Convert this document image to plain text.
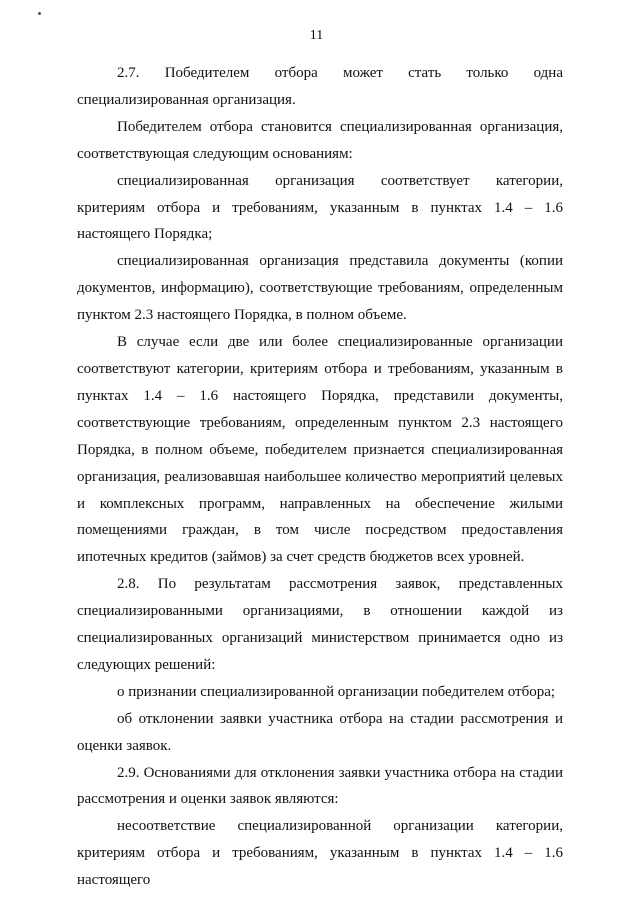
11

2.7. Победителем отбора может стать только одна специализированная организация.

Победителем отбора становится специализированная организация, соответствующая следующим основаниям:

специализированная организация соответствует категории, критериям отбора и требованиям, указанным в пунктах 1.4 – 1.6 настоящего Порядка;

специализированная организация представила документы (копии документов, информацию), соответствующие требованиям, определенным пунктом 2.3 настоящего Порядка, в полном объеме.

В случае если две или более специализированные организации соответствуют категории, критериям отбора и требованиям, указанным в пунктах 1.4 – 1.6 настоящего Порядка, представили документы, соответствующие требованиям, определенным пунктом 2.3 настоящего Порядка, в полном объеме, победителем признается специализированная организация, реализовавшая наибольшее количество мероприятий целевых и комплексных программ, направленных на обеспечение жилыми помещениями граждан, в том числе посредством предоставления ипотечных кредитов (займов) за счет средств бюджетов всех уровней.

2.8. По результатам рассмотрения заявок, представленных специализированными организациями, в отношении каждой из специализированных организаций министерством принимается одно из следующих решений:

о признании специализированной организации победителем отбора;

об отклонении заявки участника отбора на стадии рассмотрения и оценки заявок.

2.9. Основаниями для отклонения заявки участника отбора на стадии рассмотрения и оценки заявок являются:

несоответствие специализированной организации категории, критериям отбора и требованиям, указанным в пунктах 1.4 – 1.6 настоящего
